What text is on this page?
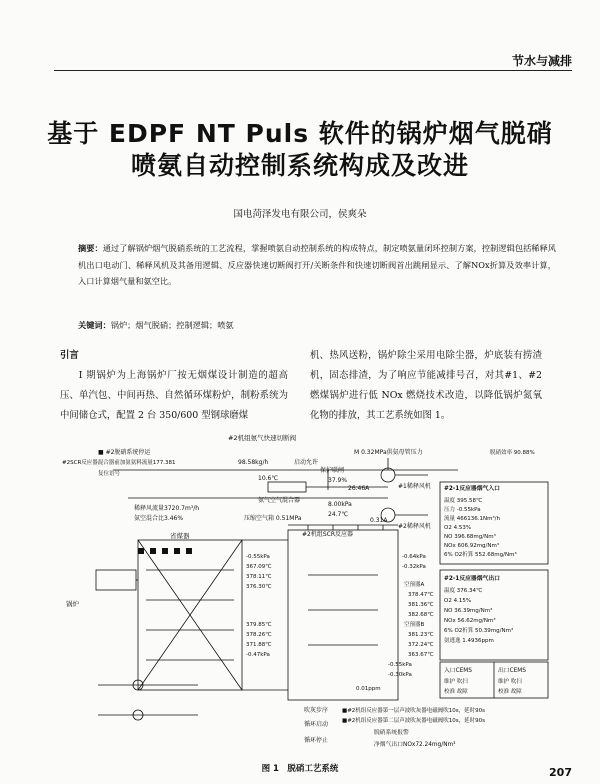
节水与减排
基于 EDPF NT Puls 软件的锅炉烟气脱硝
喷氨自动控制系统构成及改进
国电菏泽发电有限公司，侯爽朵
摘要：通过了解锅炉烟气脱硝系统的工艺流程，掌握喷氨自动控制系统的构成特点，制定喷氨量闭环控制方案，控制逻辑包括稀释风机出口电动门、稀释风机及其备用逻辑、反应器快速切断阀打开/关断条件和快速切断阀首出跳闸显示、了解NOx折算及效率计算，入口计算烟气量和氨空比。
关键词：锅炉；烟气脱硝；控制逻辑；喷氨
引言
I 期锅炉为上海锅炉厂按无烟煤设计制造的超高压、单汽包、中间再热、自然循环煤粉炉，制粉系统为中间储仓式，配置 2 台 350/600 型钢球磨煤
机、热风送粉，锅炉除尘采用电除尘器，炉底装有捞渣机，固态排渣，为了响应节能减排号召，对其#1、#2 燃煤锅炉进行低 NOx 燃烧技术改造，以降低锅炉氮氧化物的排放，其工艺系统如图 1。
#2机组氨气快速切断阀
■ #2脱硝系统停运
#2SCR反应器混合器前加氨氨料流量177.381
复位语号
M 0.32MPa供氨母管压力	脱硝效率 90.88%
98.58kg/h	启动允许
10.6℃
氨气空气混合器
保护联闸
37.9%
26.46A
稀释风流量3720.7m³/h
氨空混合比3.46%
8.00kPa
24.7℃
0.31A
#1稀释风机
#2稀释风机
压缩空气箱 0.51MPa
省煤器	#2机组SCR反应器
锅炉
-0.55kPa
367.09℃
378.11℃
376.30℃
379.85℃
378.26℃
371.88℃
-0.47kPa
-0.64kPa
-0.32kPa
空预器A
378.47℃
381.36℃
382.68℃
空预器B
381.23℃
372.24℃
363.67℃
-0.55kPa
-0.30kPa
0.01ppm
#2-1反应器烟气入口
温度 395.58℃
压力 -0.55kPa
流量 466136.1Nm³/h
O2 4.53%
NO 396.68mg/Nm³
NOx 606.92mg/Nm³
6% O2折算 552.68mg/Nm³
#2-1反应器烟气出口
温度 376.34℃
O2 4.15%
NO 36.39mg/Nm³
NOx 56.62mg/Nm³
6% O2折算 50.39mg/Nm³
氨逃逸 1.4936ppm
入口CEMS	出口CEMS
维护 吹扫	维护 吹扫
校准 故障	校准 故障
吹灰步序
循环启动
循环停止
■#2机组反应器第一层声波吹灰器电磁阀吹10s，延时90s
■#2机组反应器第二层声波吹灰器电磁阀吹10s，延时90s
脱硝系统报警
净烟气出口NOx72.24mg/Nm³
图 1　脱硝工艺系统	207
